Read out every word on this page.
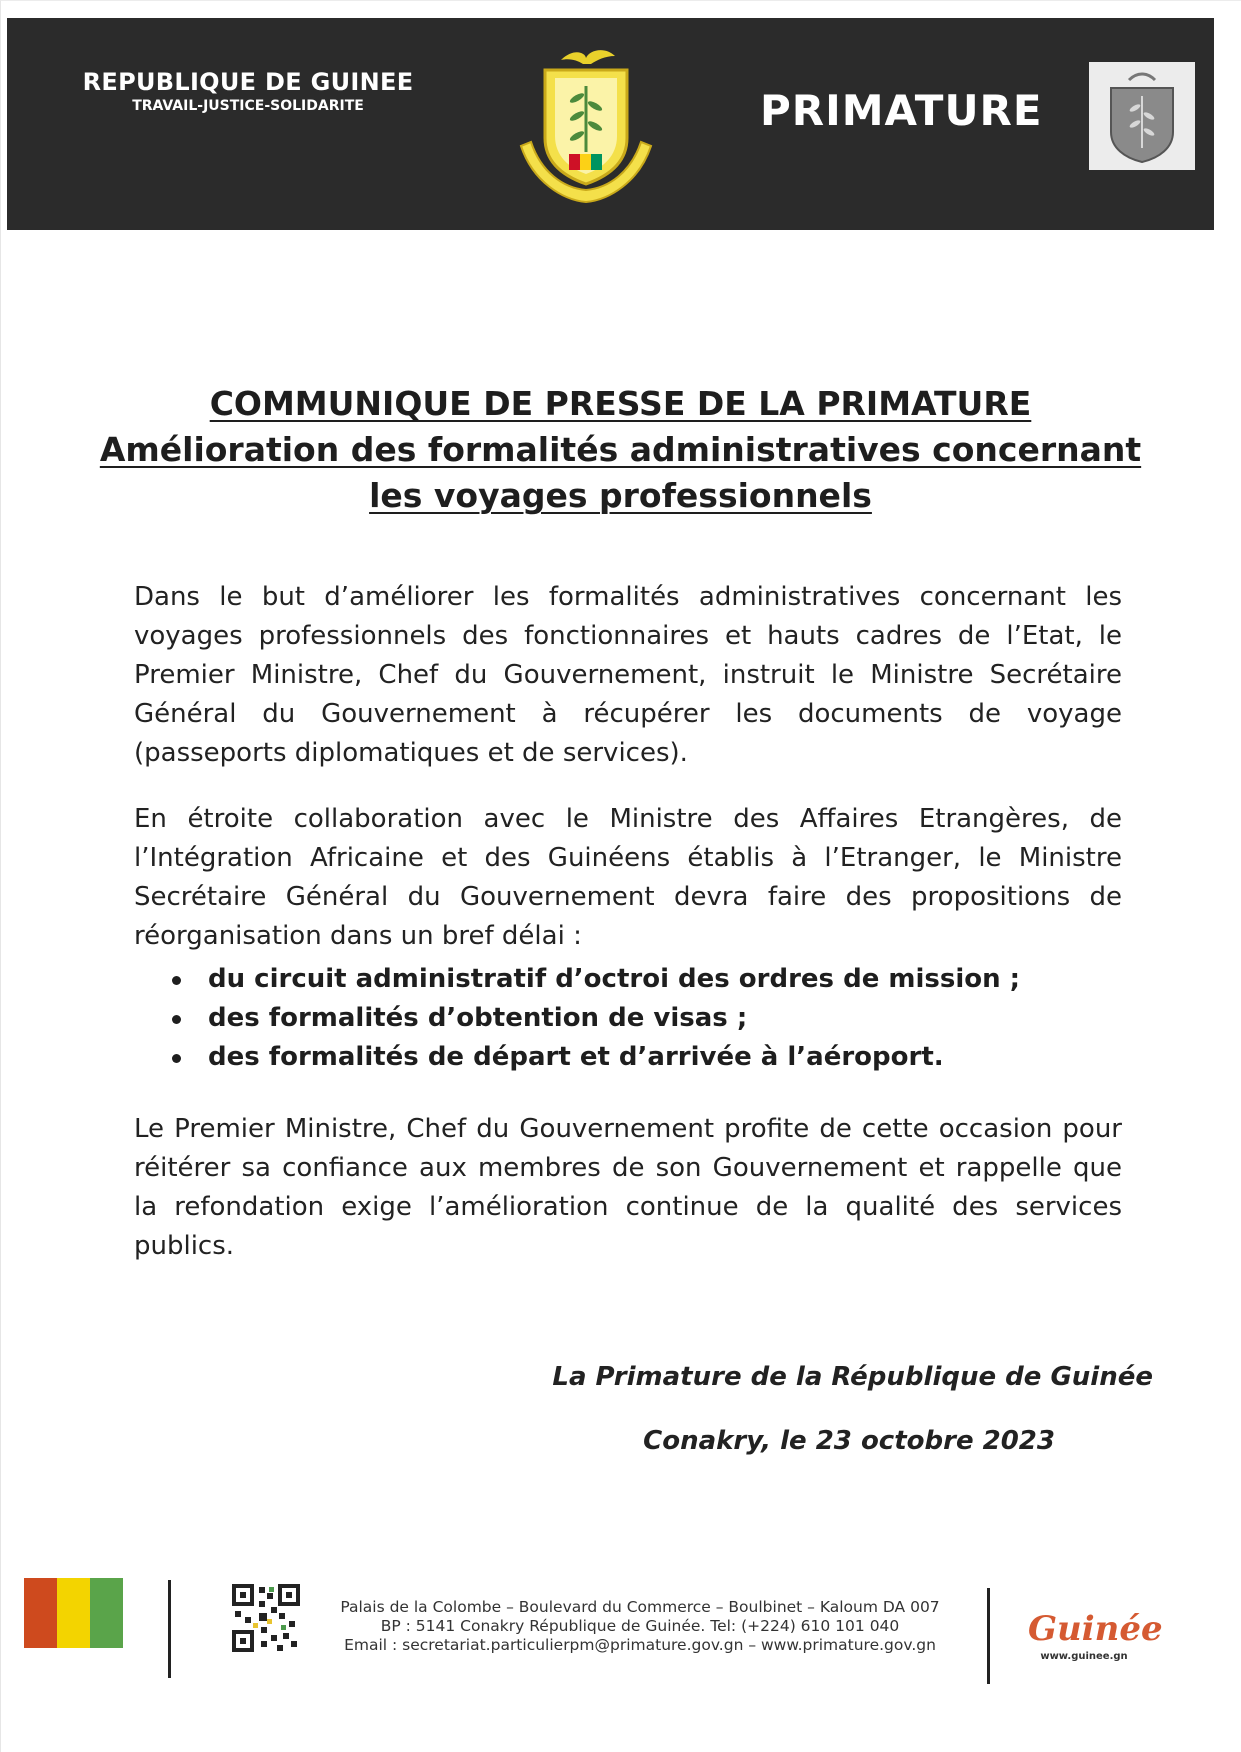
REPUBLIQUE DE GUINEE
TRAVAIL-JUSTICE-SOLIDARITE	PRIMATURE
COMMUNIQUE DE PRESSE DE LA PRIMATURE
Amélioration des formalités administratives concernant
les voyages professionnels
Dans le but d’améliorer les formalités administratives concernant les voyages professionnels des fonctionnaires et hauts cadres de l’Etat, le Premier Ministre, Chef du Gouvernement, instruit le Ministre Secrétaire Général du Gouvernement à récupérer les documents de voyage (passeports diplomatiques et de services).
En étroite collaboration avec le Ministre des Affaires Etrangères, de l’Intégration Africaine et des Guinéens établis à l’Etranger, le Ministre Secrétaire Général du Gouvernement devra faire des propositions de réorganisation dans un bref délai :
du circuit administratif d’octroi des ordres de mission ;
des formalités d’obtention de visas ;
des formalités de départ et d’arrivée à l’aéroport.
Le Premier Ministre, Chef du Gouvernement profite de cette occasion pour réitérer sa confiance aux membres de son Gouvernement et rappelle que la refondation exige l’amélioration continue de la qualité des services publics.
La Primature de la République de Guinée
Conakry, le 23 octobre 2023
Palais de la Colombe – Boulevard du Commerce – Boulbinet – Kaloum DA 007
BP : 5141 Conakry République de Guinée. Tel: (+224) 610 101 040
Email : secretariat.particulierpm@primature.gov.gn – www.primature.gov.gn	Guinée
www.guinee.gn
